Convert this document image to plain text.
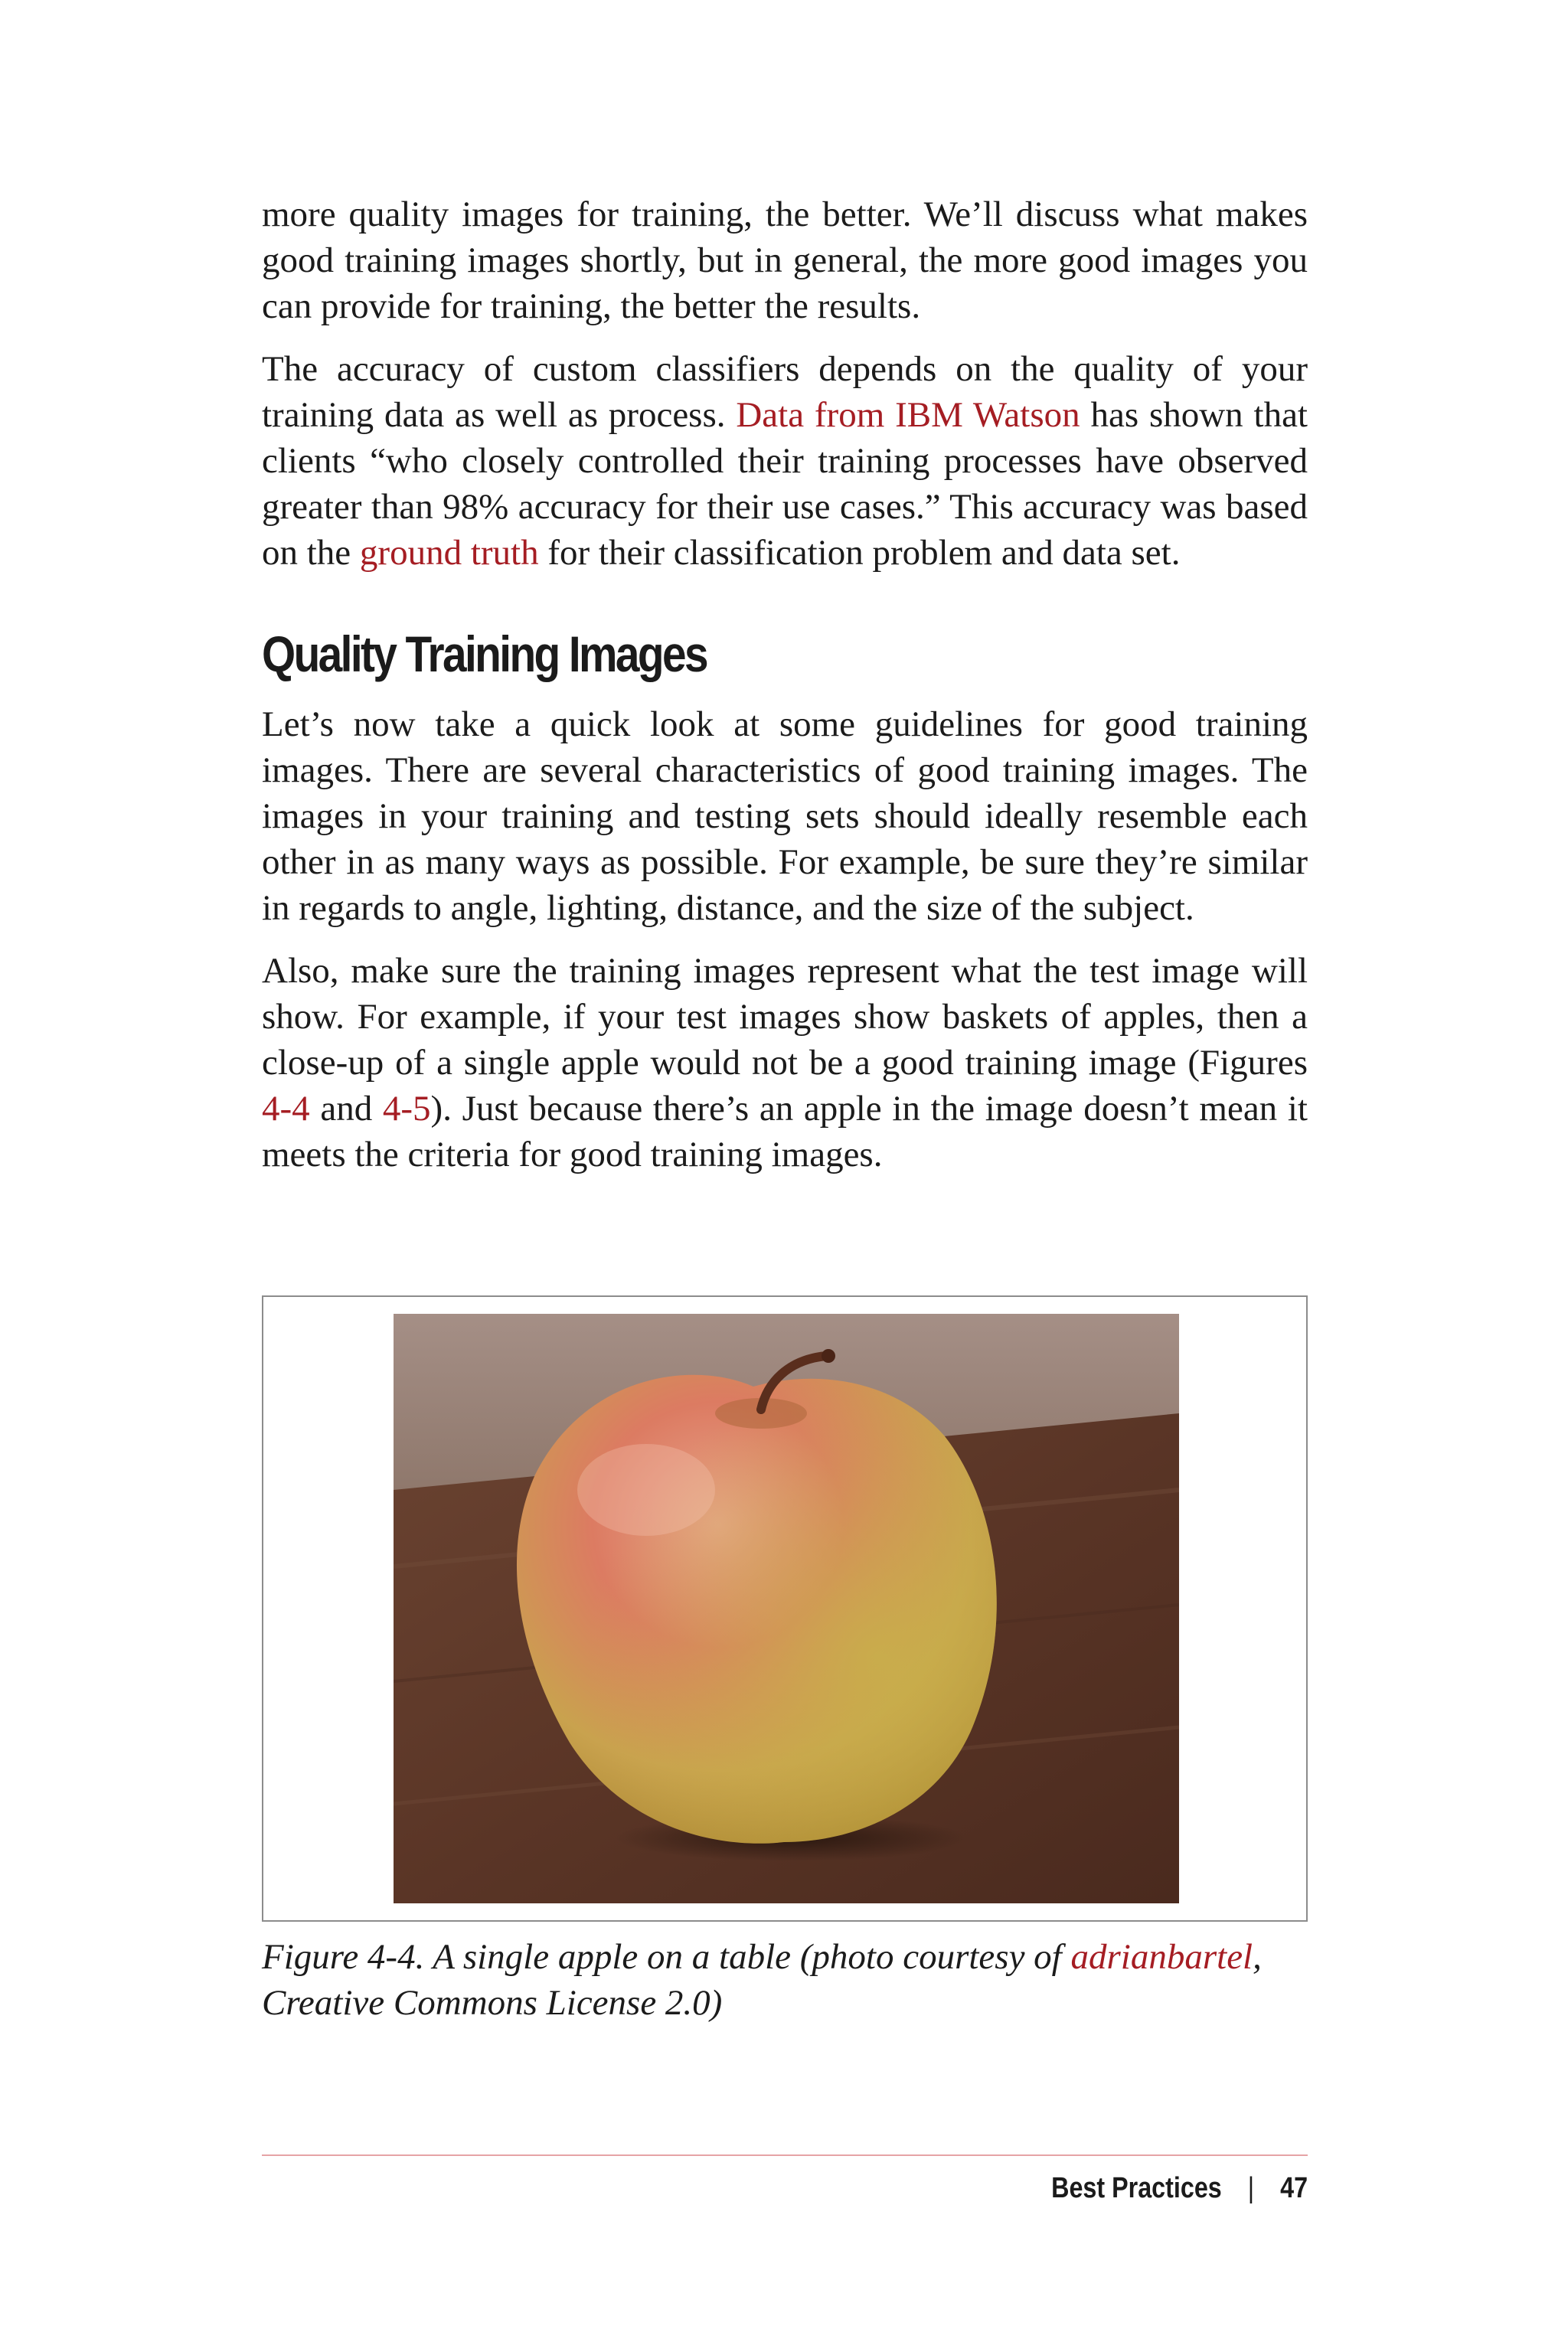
more quality images for training, the better. We’ll discuss what makes good training images shortly, but in general, the more good images you can provide for training, the better the results.

The accuracy of custom classifiers depends on the quality of your training data as well as process. Data from IBM Watson has shown that clients “who closely controlled their training processes have observed greater than 98% accuracy for their use cases.” This accuracy was based on the ground truth for their classification problem and data set.

Quality Training Images

Let’s now take a quick look at some guidelines for good training images. There are several characteristics of good training images. The images in your training and testing sets should ideally resemble each other in as many ways as possible. For example, be sure they’re similar in regards to angle, lighting, distance, and the size of the subject.

Also, make sure the training images represent what the test image will show. For example, if your test images show baskets of apples, then a close-up of a single apple would not be a good training image (Figures 4-4 and 4-5). Just because there’s an apple in the image doesn’t mean it meets the criteria for good training images.

Figure 4-4. A single apple on a table (photo courtesy of adrianbartel, Creative Commons License 2.0)
Best Practices | 47
